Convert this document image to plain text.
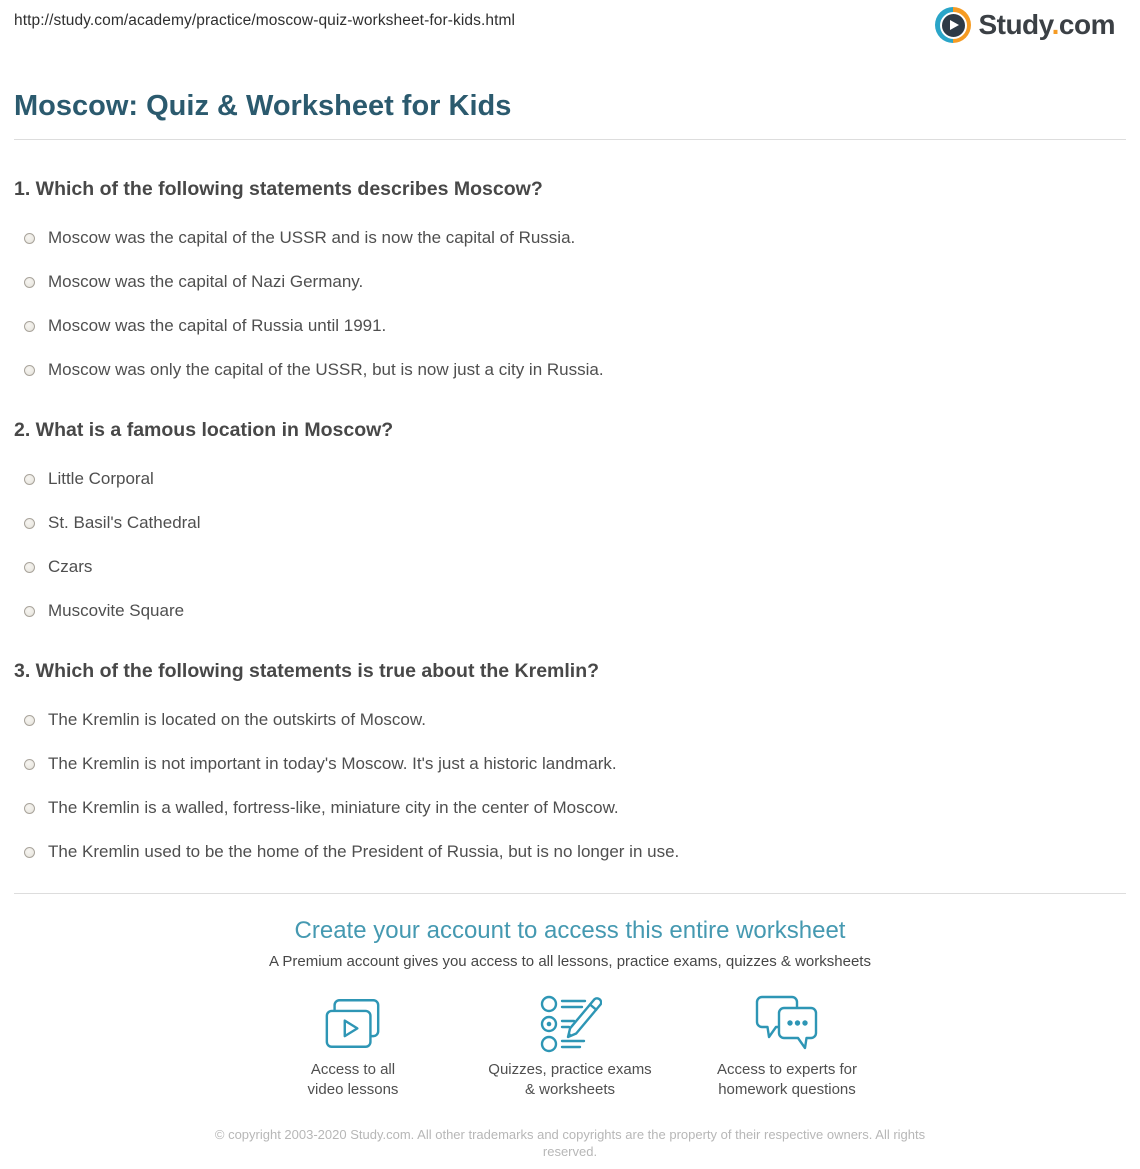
http://study.com/academy/practice/moscow-quiz-worksheet-for-kids.html	Study.com
Moscow: Quiz & Worksheet for Kids
1. Which of the following statements describes Moscow?
Moscow was the capital of the USSR and is now the capital of Russia.
Moscow was the capital of Nazi Germany.
Moscow was the capital of Russia until 1991.
Moscow was only the capital of the USSR, but is now just a city in Russia.
2. What is a famous location in Moscow?
Little Corporal
St. Basil's Cathedral
Czars
Muscovite Square
3. Which of the following statements is true about the Kremlin?
The Kremlin is located on the outskirts of Moscow.
The Kremlin is not important in today's Moscow. It's just a historic landmark.
The Kremlin is a walled, fortress-like, miniature city in the center of Moscow.
The Kremlin used to be the home of the President of Russia, but is no longer in use.
Create your account to access this entire worksheet
A Premium account gives you access to all lessons, practice exams, quizzes & worksheets
Access to all
video lessons
Quizzes, practice exams
& worksheets
Access to experts for
homework questions
© copyright 2003-2020 Study.com. All other trademarks and copyrights are the property of their respective owners. All rights reserved.
